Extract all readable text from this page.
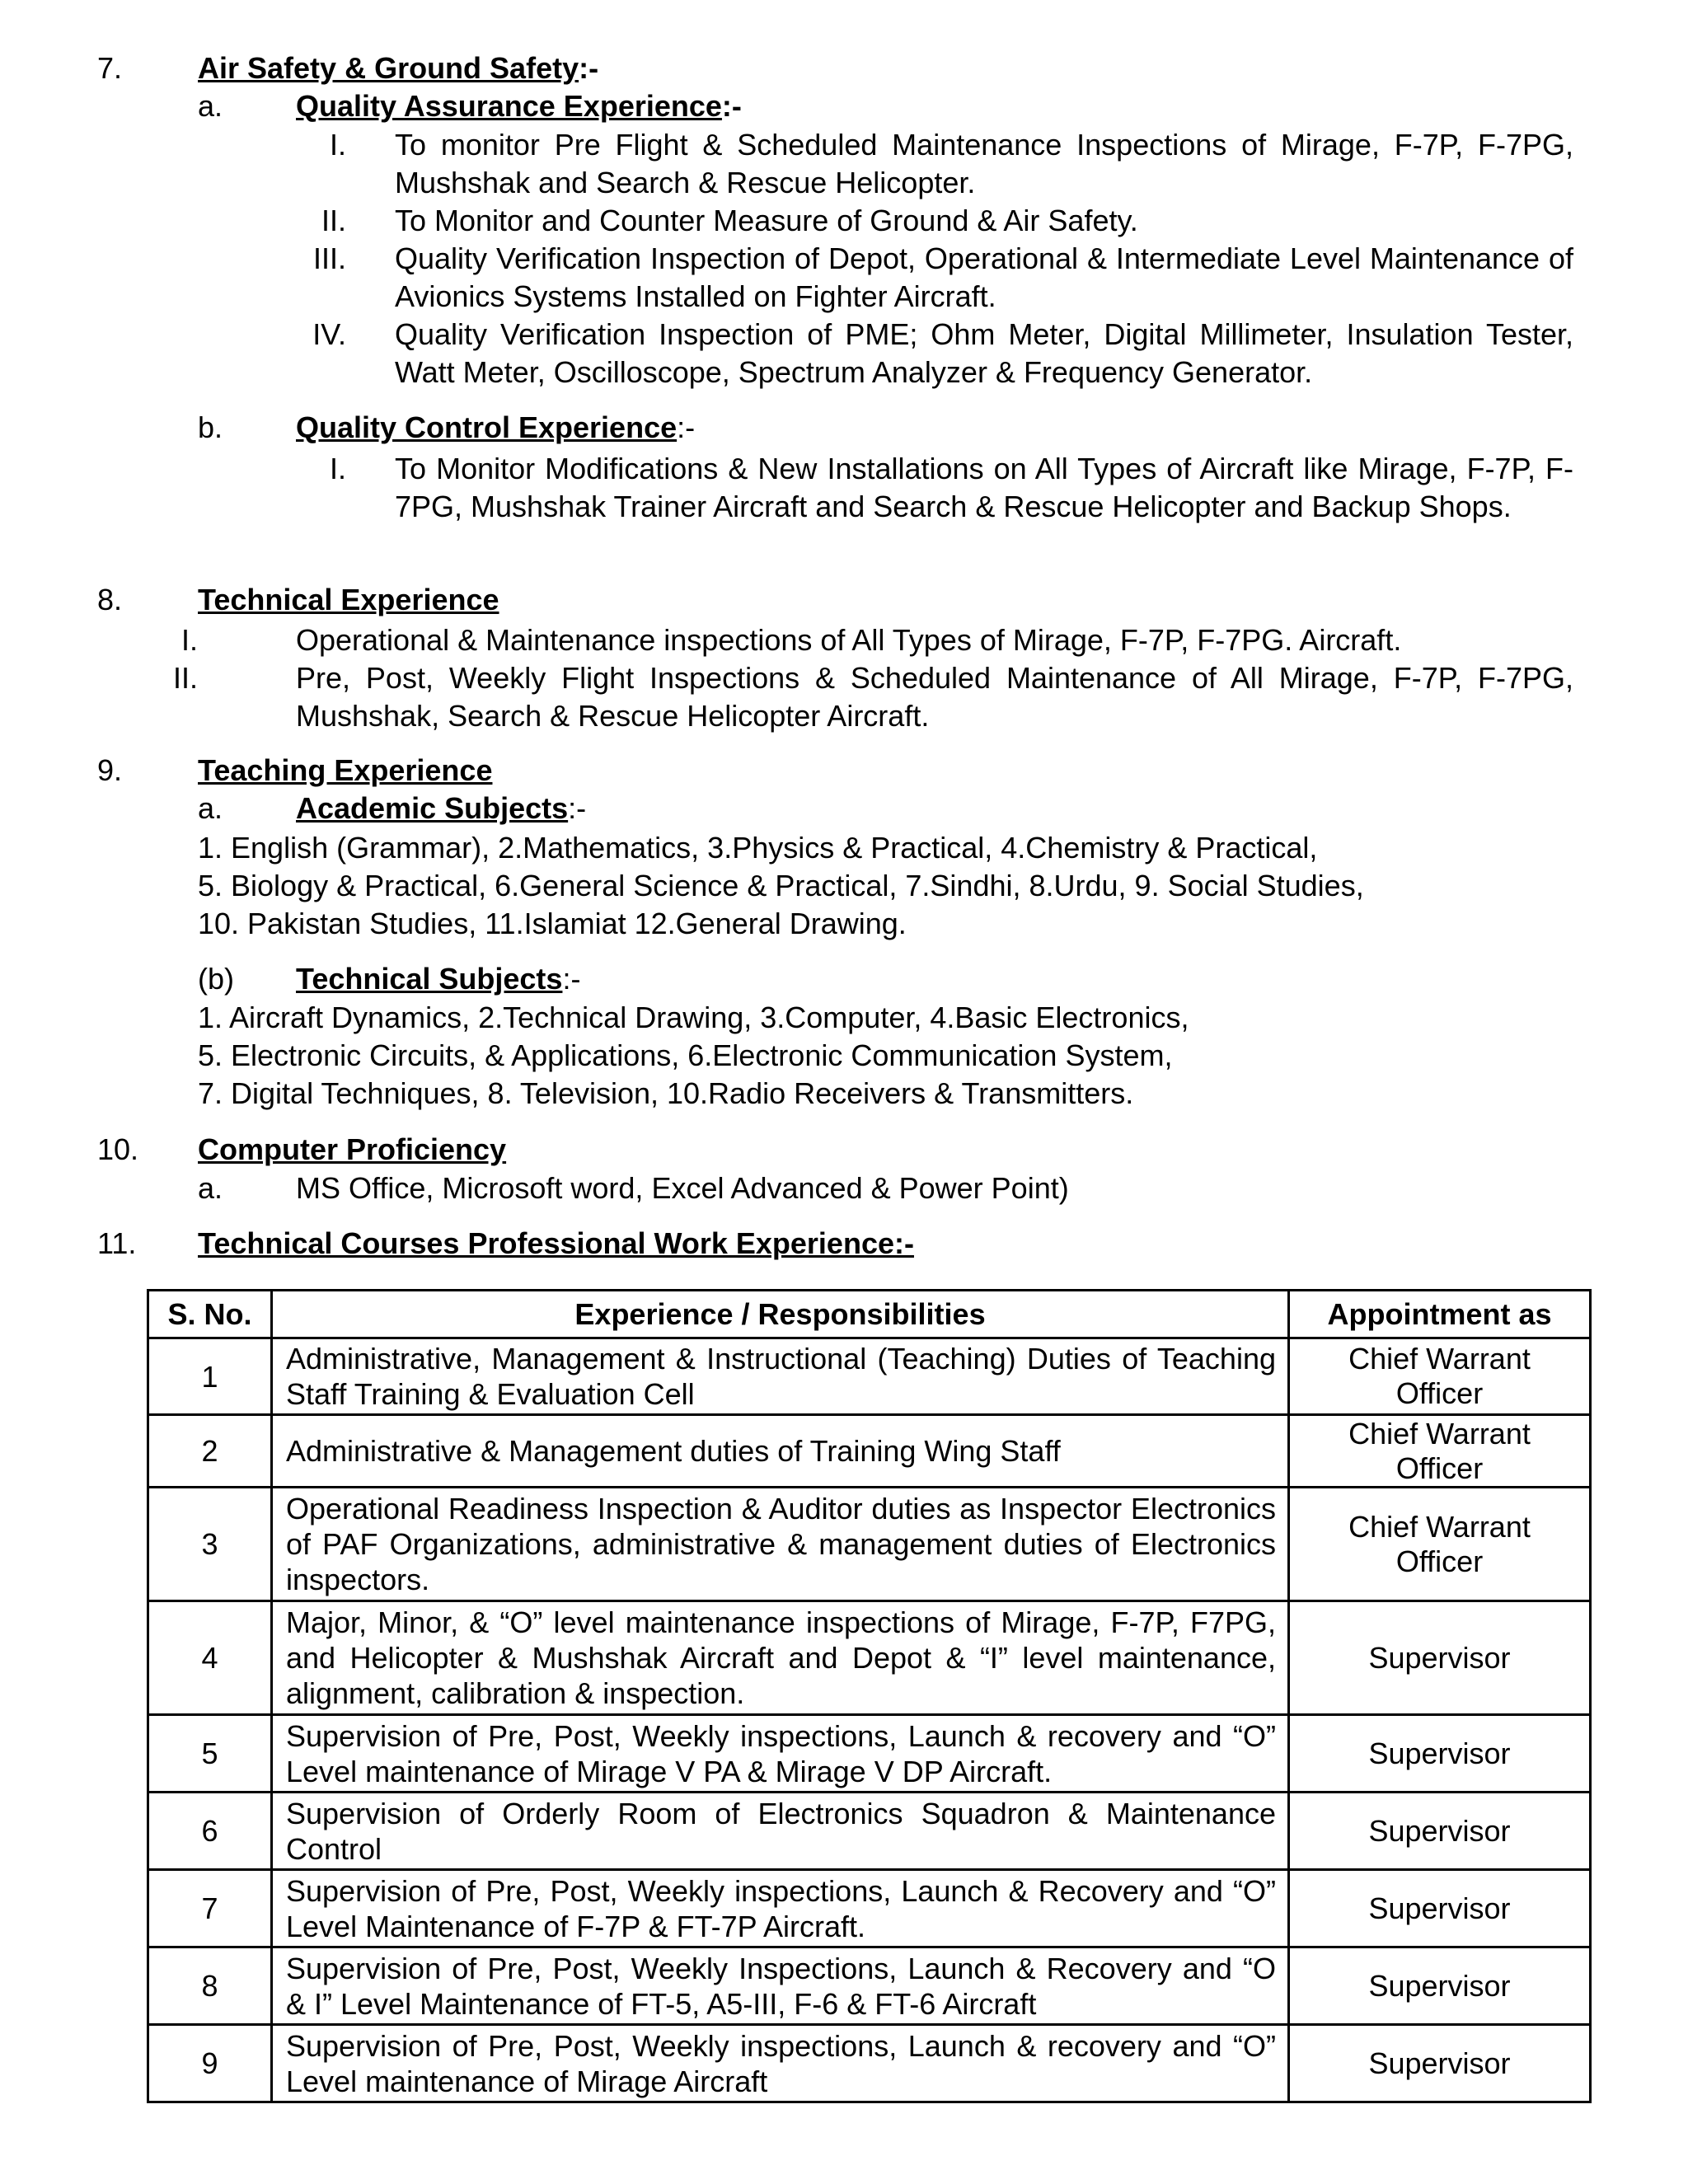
7.	Air Safety & Ground Safety:-
a. Quality Assurance Experience:-
I. To monitor Pre Flight & Scheduled Maintenance Inspections of Mirage, F-7P, F-7PG, Mushshak and Search & Rescue Helicopter.
II. To Monitor and Counter Measure of Ground & Air Safety.
III. Quality Verification Inspection of Depot, Operational & Intermediate Level Maintenance of Avionics Systems Installed on Fighter Aircraft.
IV. Quality Verification Inspection of PME; Ohm Meter, Digital Millimeter, Insulation Tester, Watt Meter, Oscilloscope, Spectrum Analyzer & Frequency Generator.
b. Quality Control Experience:-
I. To Monitor Modifications & New Installations on All Types of Aircraft like Mirage, F-7P, F-7PG, Mushshak Trainer Aircraft and Search & Rescue Helicopter and Backup Shops.
8.	Technical Experience
I.	Operational & Maintenance inspections of All Types of Mirage, F-7P, F-7PG. Aircraft.
II.	Pre, Post, Weekly Flight Inspections & Scheduled Maintenance of All Mirage, F-7P, F-7PG, Mushshak, Search & Rescue Helicopter Aircraft.
9.	Teaching Experience
a. Academic Subjects:-
1. English (Grammar), 2.Mathematics, 3.Physics & Practical, 4.Chemistry & Practical,
5. Biology & Practical, 6.General Science & Practical, 7.Sindhi, 8.Urdu, 9. Social Studies,
10. Pakistan Studies, 11.Islamiat 12.General Drawing.
(b) Technical Subjects:-
1. Aircraft Dynamics, 2.Technical Drawing, 3.Computer, 4.Basic Electronics,
5. Electronic Circuits, & Applications, 6.Electronic Communication System,
7. Digital Techniques, 8. Television, 10.Radio Receivers & Transmitters.
10. Computer Proficiency
a. MS Office, Microsoft word, Excel Advanced & Power Point)
11. Technical Courses Professional Work Experience:-
S. No.	Experience / Responsibilities	Appointment as
1	Administrative, Management & Instructional (Teaching) Duties of Teaching Staff Training & Evaluation Cell	Chief Warrant
Officer

2	Administrative & Management duties of Training Wing Staff	Chief Warrant
Officer

3	Operational Readiness Inspection & Auditor duties as Inspector Electronics of PAF Organizations, administrative & management duties of Electronics inspectors.	Chief Warrant
Officer

4	Major, Minor, & “O” level maintenance inspections of Mirage, F-7P, F7PG, and Helicopter & Mushshak Aircraft and Depot & “I” level maintenance, alignment, calibration & inspection.	Supervisor

5	Supervision of Pre, Post, Weekly inspections, Launch & recovery and “O” Level maintenance of Mirage V PA & Mirage V DP Aircraft.	Supervisor

6	Supervision of Orderly Room of Electronics Squadron & Maintenance Control	Supervisor

7	Supervision of Pre, Post, Weekly inspections, Launch & Recovery and “O” Level Maintenance of F-7P & FT-7P Aircraft.	Supervisor

8	Supervision of Pre, Post, Weekly Inspections, Launch & Recovery and “O & I” Level Maintenance of FT-5, A5-III, F-6 & FT-6 Aircraft	Supervisor

9	Supervision of Pre, Post, Weekly inspections, Launch & recovery and “O” Level maintenance of Mirage Aircraft	Supervisor
